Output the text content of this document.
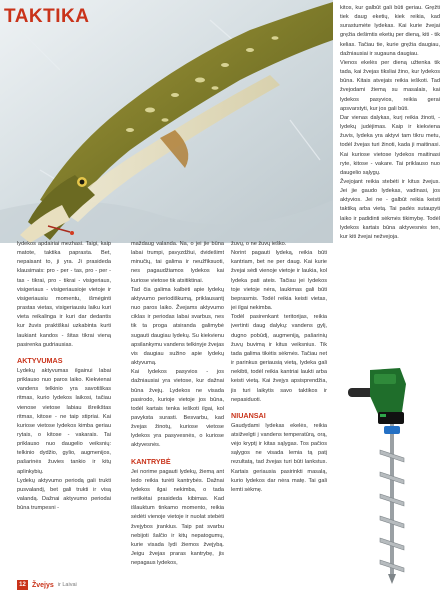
TAKTIKA

lydekos apdairiai mezhasi. Taigi, kaip matote, taktika paprasta. Bet, nepaisant to, ji yra. Ji prasideda klausimais: pro - per - tas, pro - per - tas - tikrai, pro - tikrai - visigeriaus, visigeriaus - visigeriausioje vietoje ir visigeriausiu momentu, išmėginti prastas vietas, visigeriausiu laiku kuri vieta reikalinga ir kuri dar dedantis kur žuvis praktiškai uzkabinta kurti laukiant kandos - šitas tikrai vieną pasirenka gudriausias.

AKTYVUMAS

Lydekų aktyvumas ilgainui labai priklauso nuo paros laiko. Kiekvienai vandens telkinio yra savotiškas ritmas, kurio lydekos laikosi, tačiau vienose vietose labiau išreikštas ritmas, kitose - ne taip stipriai. Kai kuriose vietose lydekos kimba geriau rytais, o kitose - vakarais. Tai priklauso nuo daugelio veiksnių: telkinio dydžio, gylio, augmenijos, pašarinės žuvies tankio ir kitų aplinkybių.

Lydekų aktyvumo periodą gali trukti pusvalandį, bet gali trukti ir visą valandą. Dažnai aktyvumo periodai būna trumpesni -

maždaug valanda. Na, o jei jie būna labai trumpi, pavyzdžiui, dvidešimt minučių, tai galima ir neužfiksuoti, nes pagaudžiamos lydekos kai kuriose vietose tik atsitiktinai.

Tad čia galima kalbėti apie lydekų aktyvumo periodiškumą, priklausantį nuo paros laiko. Žvejams aktyvumo ciklas ir periodas labai svarbus, nes tik ta proga atsiranda galimybė sugauti daugiau lydekų. Su kiekvienu apsilankymu vandens telkinyje žvejas vis daugiau sužino apie lydekų aktyvumą.

Kai lydekos pasyvios - jos dažniausiai yra vietose, kur dažnai būna žvejų. Lydekos ne visada pasirodo, kurioje vietoje jos būna, todėl kartais tenka ieškoti ilgai, kol pavyksta surasti. Besvarbu, kad žvejas žinotų, kuriose vietose lydekos yra pasyvesnės, o kuriose aktyvesnės.

KANTRYBĖ

Jei norime pagauti lydekų, žiemą ant ledo reikia turėti kantrybės. Dažnai lydekos ilgai nekimba, o tada netikėtai prasideda kibimas. Kad išlauktum tinkamo momento, reikia sėdėti vienoje vietoje ir nuolat stebėti žvejybos įrankius. Taip pat svarbu nebijoti šalčio ir kitų nepatogumų, kurie visada lydi žiemos žvejybą. Jeigu žvejas praras kantrybę, jis nepagaus lydekos,

žuvų, o ne žuvų ieško.

Norint pagauti lydeką, reikia būti kantriam, bet ne per daug. Kai kurie žvejai sėdi vienoje vietoje ir laukia, kol lydeka pati ateis. Tačiau jei lydekos toje vietoje nėra, laukimas gali būti beprasmis. Todėl reikia keisti vietas, jei ilgai nekimba.

Todėl pasirenkant teritorijas, reikia įvertinti daug dalykų: vandens gylį, dugno pobūdį, augmeniją, pašarinių žuvų buvimą ir kitus veiksnius. Tik tada galima tikėtis sėkmės. Tačiau net ir parinkus geriausią vietą, lydeka gali nekibti, todėl reikia kantriai laukti arba keisti vietą. Kai žvejys apsisprendžia, jis turi laikytis savo taktikos ir nepasiduoti.

NIUANSAI

Gaudydami lydekas ekelės, reikia atsižvelgti į vandens temperatūrą, orą, vėjo kryptį ir kitas sąlygas. Tos pačios sąlygos ne visada lemia tą patį rezultatą, tad žvejas turi būti lankstus. Kartais geriausia pasirinkti masalą, kurio lydekos dar nėra matę. Tai gali lemti sėkmę.

kitos, kur galbūt gali būti geriau. Gręžti tiek daug eketių, kiek reikia, kad surastumėte lydekas. Kai kurie žvejai gręžia dešimtis eketių per dieną, kiti - tik kelias. Tačiau tie, kurie gręžia daugiau, dažniausiai ir sugauna daugiau.

Vienos ekelės per dieną užtenka tik tada, kai žvejas tiksliai žino, kur lydekos būna. Kitais atvejais reikia ieškoti. Tad žvejodami žiemą su masalais, kai lydekos pasyvios, reikia gerai apsvarstyti, kur jos gali būti.

Dar vienas dalykas, kurį reikia žinoti, - lydekų judėjimas. Kaip ir kiekviena žuvis, lydeka yra aktyvi tam tikru metu, todėl žvejas turi žinoti, kada ji maitinasi. Kai kuriose vietose lydekos maitinasi ryte, kitose - vakare. Tai priklauso nuo daugelio sąlygų.

Žvejojant reikia stebėti ir kitus žvejus. Jei jie gaudo lydekas, vadinasi, jos aktyvios. Jei ne - galbūt reikia keisti taktiką arba vietą. Tai padės sutaupyti laiko ir padidinti sėkmės tikimybę. Todėl lydekos kartais būna aktyvesnės ten, kur kiti žvejai nežvejoja.

12 Žvejys ir Laivai
